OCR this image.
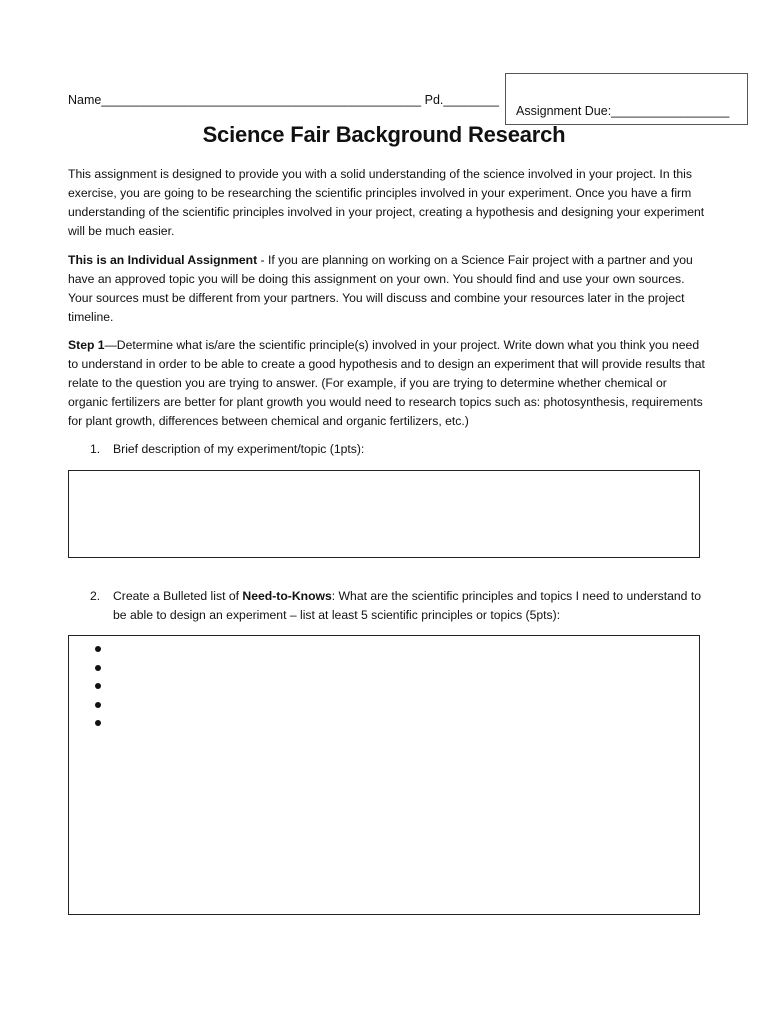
Name______________________________________________ Pd.________
Assignment Due:_________________
Science Fair Background Research
This assignment is designed to provide you with a solid understanding of the science involved in your project. In this exercise, you are going to be researching the scientific principles involved in your experiment. Once you have a firm understanding of the scientific principles involved in your project, creating a hypothesis and designing your experiment will be much easier.
This is an Individual Assignment - If you are planning on working on a Science Fair project with a partner and you have an approved topic you will be doing this assignment on your own. You should find and use your own sources. Your sources must be different from your partners. You will discuss and combine your resources later in the project timeline.
Step 1—Determine what is/are the scientific principle(s) involved in your project. Write down what you think you need to understand in order to be able to create a good hypothesis and to design an experiment that will provide results that relate to the question you are trying to answer. (For example, if you are trying to determine whether chemical or organic fertilizers are better for plant growth you would need to research topics such as: photosynthesis, requirements for plant growth, differences between chemical and organic fertilizers, etc.)
1. Brief description of my experiment/topic (1pts):
2. Create a Bulleted list of Need-to-Knows: What are the scientific principles and topics I need to understand to be able to design an experiment – list at least 5 scientific principles or topics (5pts):
